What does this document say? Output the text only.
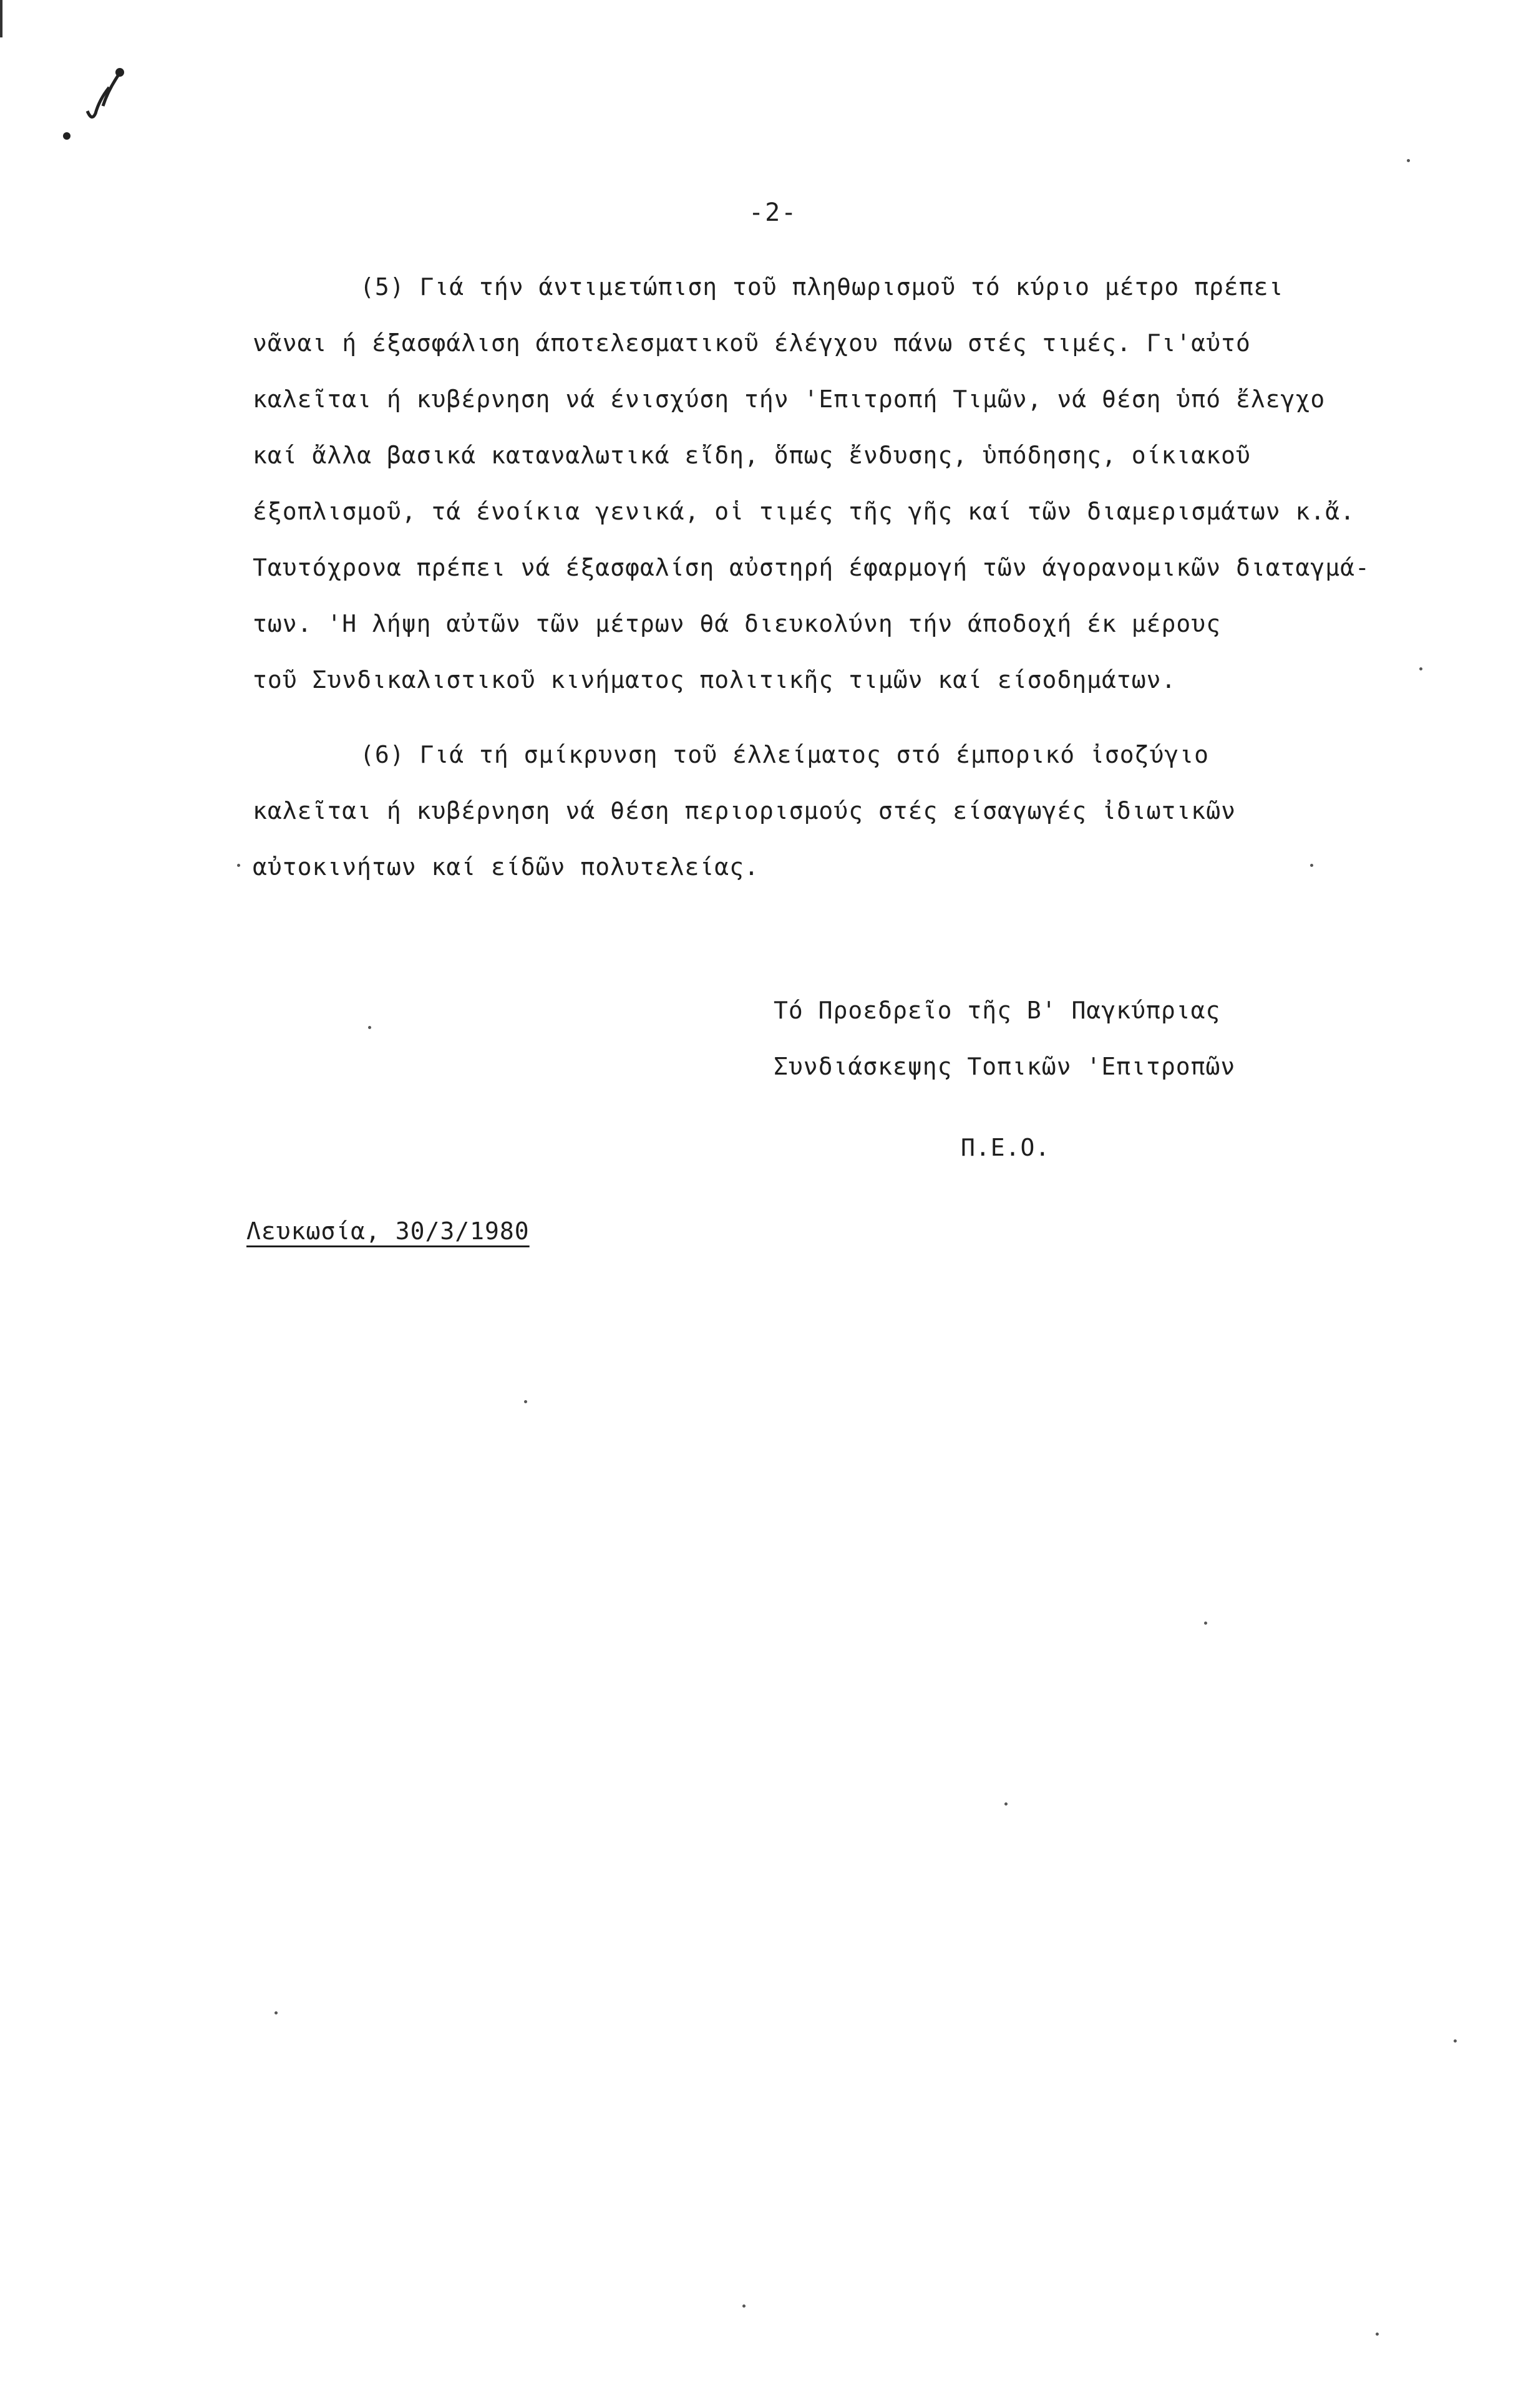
-2-
(5) Γιά τήν άντιμετώπιση τοῦ πληθωρισμοῦ τό κύριο μέτρο πρέπει
νᾶναι ή έξασφάλιση άποτελεσματικοῦ έλέγχου πάνω στές τιμές. Γι'αὐτό
καλεῖται ή κυβέρνηση νά ένισχύση τήν 'Επιτροπή Τιμῶν, νά θέση ὑπό ἔλεγχο
καί ἄλλα βασικά καταναλωτικά εἴδη, ὅπως ἔνδυσης, ὑπόδησης, οίκιακοῦ
έξοπλισμοῦ, τά ένοίκια γενικά, οἱ τιμές τῆς γῆς καί τῶν διαμερισμάτων κ.ἄ.
Ταυτόχρονα πρέπει νά έξασφαλίση αὐστηρή έφαρμογή τῶν άγορανομικῶν διαταγμά-
των. 'Η λήψη αὐτῶν τῶν μέτρων θά διευκολύνη τήν άποδοχή έκ μέρους
τοῦ Συνδικαλιστικοῦ κινήματος πολιτικῆς τιμῶν καί είσοδημάτων.
(6) Γιά τή σμίκρυνση τοῦ έλλείματος στό έμπορικό ἰσοζύγιο
καλεῖται ή κυβέρνηση νά θέση περιορισμούς στές είσαγωγές ἰδιωτικῶν
αὐτοκινήτων καί είδῶν πολυτελείας.
Τό Προεδρεῖο τῆς Β' Παγκύπριας
Συνδιάσκεψης Τοπικῶν 'Επιτροπῶν
Π.Ε.Ο.
Λευκωσία, 30/3/1980
